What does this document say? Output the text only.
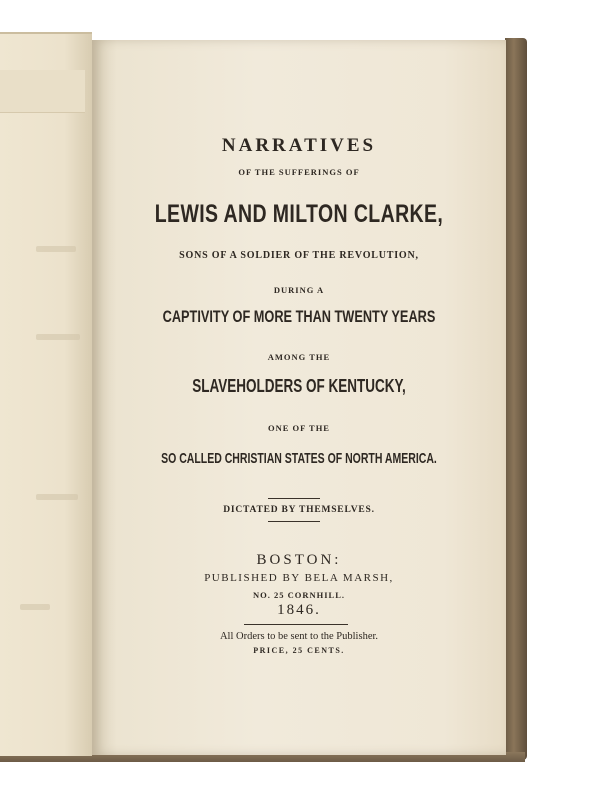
NARRATIVES
OF THE SUFFERINGS OF
LEWIS AND MILTON CLARKE,
SONS OF A SOLDIER OF THE REVOLUTION,
DURING A
CAPTIVITY OF MORE THAN TWENTY YEARS
AMONG THE
SLAVEHOLDERS OF KENTUCKY,
ONE OF THE
SO CALLED CHRISTIAN STATES OF NORTH AMERICA.
DICTATED BY THEMSELVES.
BOSTON:
PUBLISHED BY BELA MARSH,
NO. 25 CORNHILL.
1846.
All Orders to be sent to the Publisher.
PRICE, 25 CENTS.
